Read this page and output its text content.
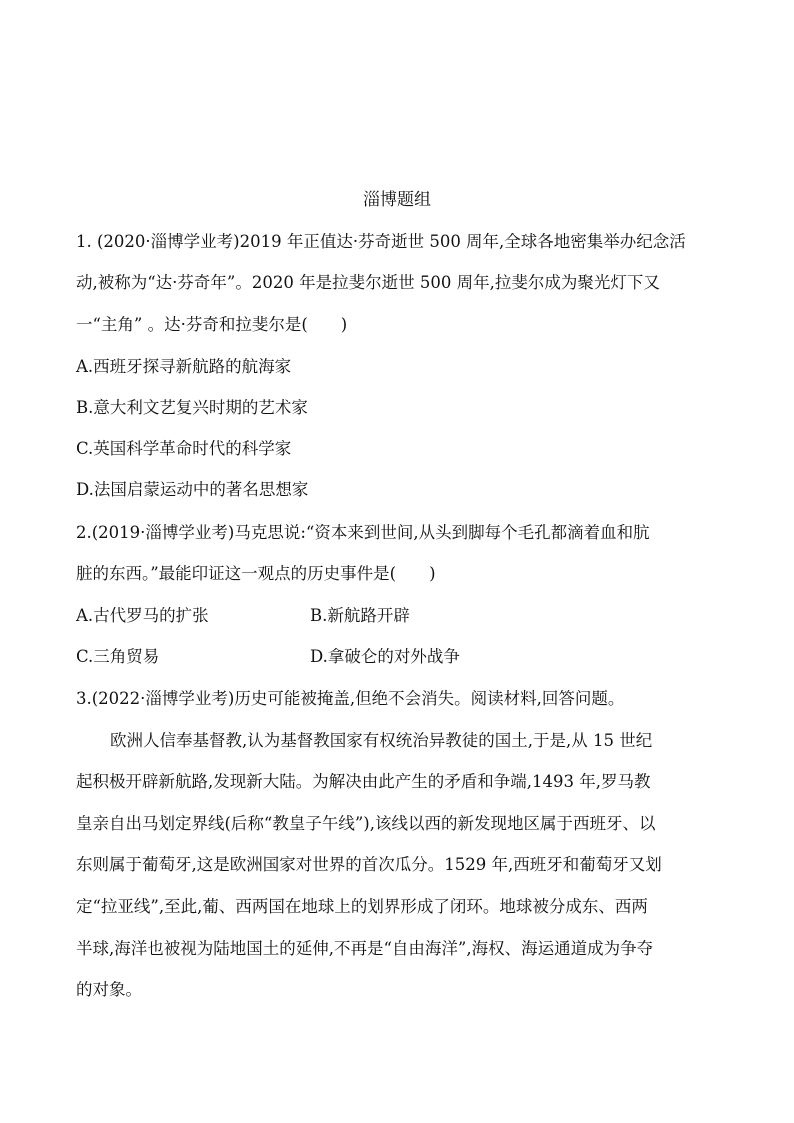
淄博题组
1. (2020·淄博学业考)2019 年正值达·芬奇逝世 500 周年,全球各地密集举办纪念活
动,被称为“达·芬奇年”。2020 年是拉斐尔逝世 500 周年,拉斐尔成为聚光灯下又
一“主角” 。达·芬奇和拉斐尔是(　　)
A.西班牙探寻新航路的航海家
B.意大利文艺复兴时期的艺术家
C.英国科学革命时代的科学家
D.法国启蒙运动中的著名思想家
2.(2019·淄博学业考)马克思说:“资本来到世间,从头到脚每个毛孔都滴着血和肮
脏的东西。”最能印证这一观点的历史事件是(　　)
A.古代罗马的扩张	B.新航路开辟
C.三角贸易	D.拿破仑的对外战争
3.(2022·淄博学业考)历史可能被掩盖,但绝不会消失。阅读材料,回答问题。
欧洲人信奉基督教,认为基督教国家有权统治异教徒的国土,于是,从 15 世纪
起积极开辟新航路,发现新大陆。为解决由此产生的矛盾和争端,1493 年,罗马教
皇亲自出马划定界线(后称“教皇子午线”),该线以西的新发现地区属于西班牙、以
东则属于葡萄牙,这是欧洲国家对世界的首次瓜分。1529 年,西班牙和葡萄牙又划
定“拉亚线”,至此,葡、西两国在地球上的划界形成了闭环。地球被分成东、西两
半球,海洋也被视为陆地国土的延伸,不再是“自由海洋”,海权、海运通道成为争夺
的对象。
